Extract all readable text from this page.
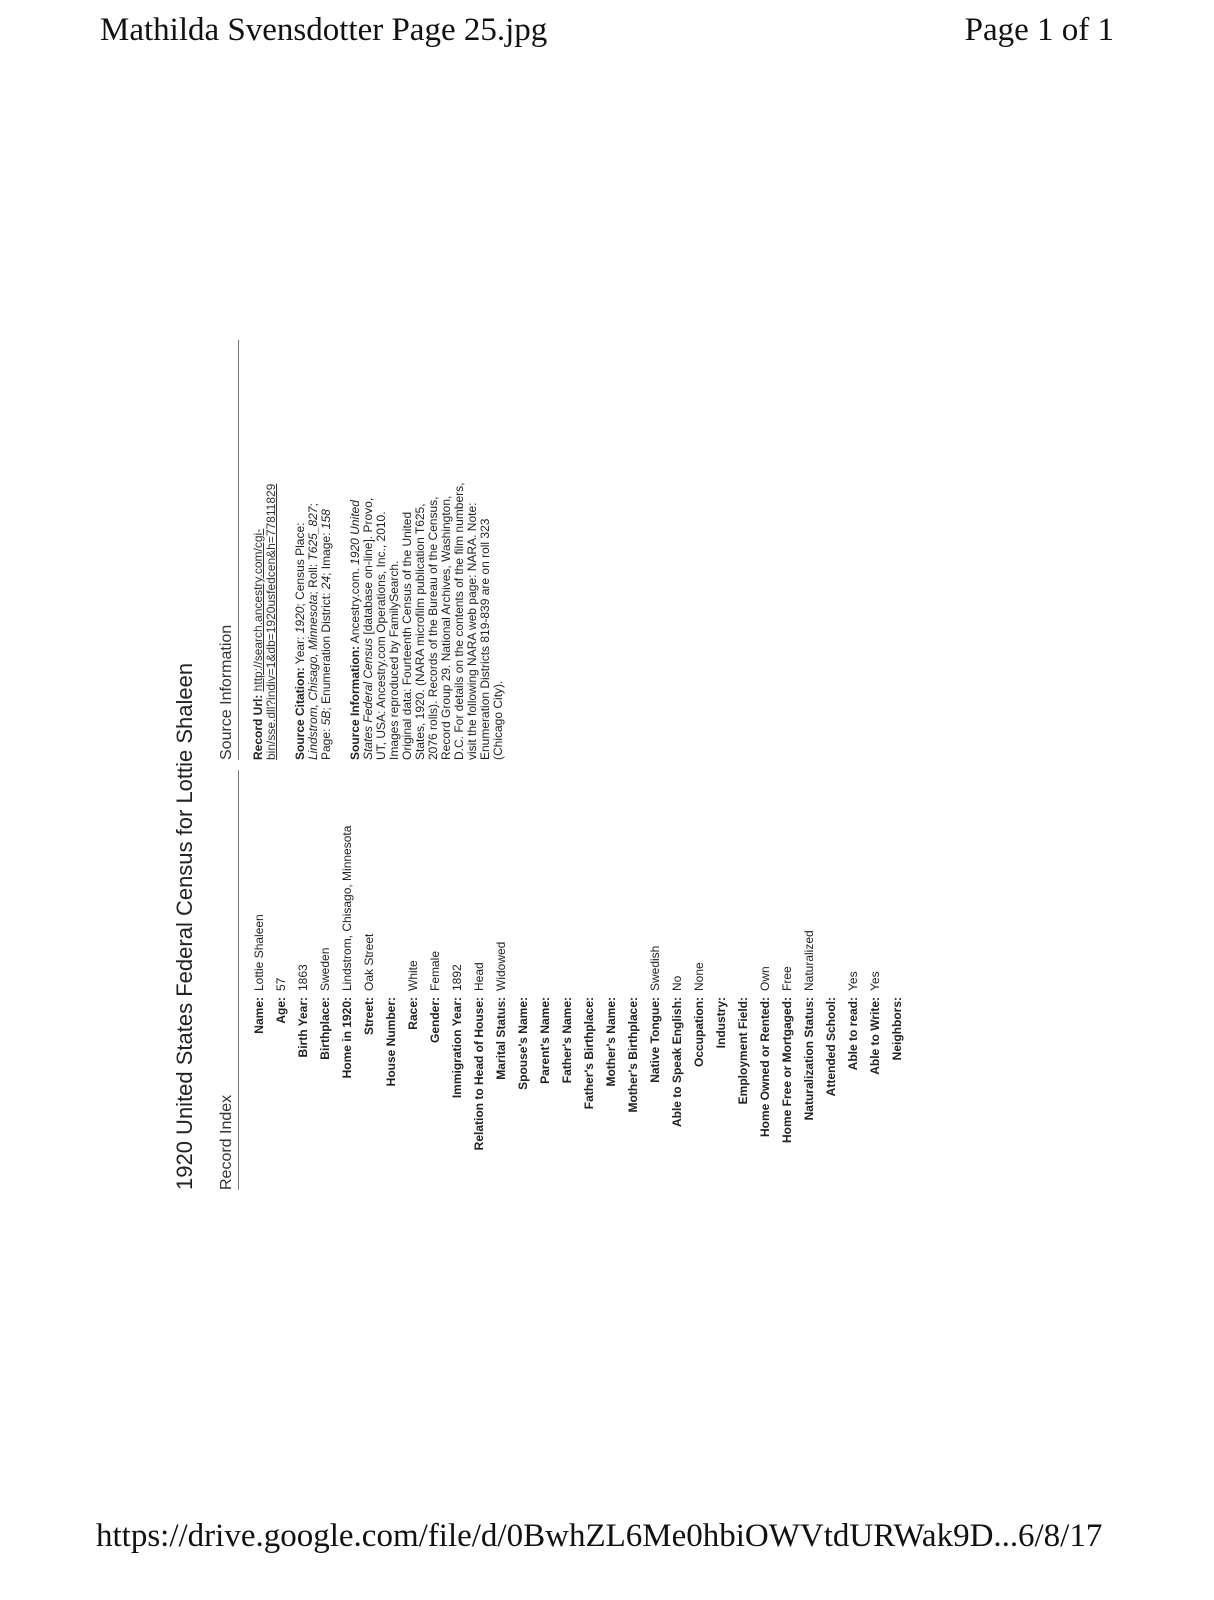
Mathilda Svensdotter Page 25.jpg	Page 1 of 1
1920 United States Federal Census for Lottie Shaleen Record Index
Source Information
Name:
Lottie Shaleen
Age:
57
Birth Year:
1863
Birthplace:
Sweden
Home in 1920:
Lindstrom, Chisago, Minnesota
Street:
Oak Street
House Number: Race:
White
Gender:
Female
Immigration Year:
1892
Relation to Head of House:
Head
Marital Status:
Widowed
Spouse's Name: Parent's Name: Father's Name: Father's Birthplace: Mother's Name: Mother's Birthplace: Native Tongue:
Swedish
Able to Speak English:
No
Occupation:
None
Industry: Employment Field: Home Owned or Rented:
Own
Home Free or Mortgaged:
Free
Naturalization Status:
Naturalized
Attended School: Able to read:
Yes
Able to Write:
Yes
Neighbors:

Record Url: http://search.ancestry.com/cgi-bin/sse.dll?indiv=1&db=1920usfedcen&h=77811829 Source Citation: Year: 1920; Census Place: Lindstrom, Chisago, Minnesota; Roll: T625_827; Page: 5B; Enumeration District: 24; Image: 158

Source Information: Ancestry.com. 1920 United States Federal Census [database on-line]. Provo, UT, USA: Ancestry.com Operations, Inc., 2010. Images reproduced by FamilySearch.
Original data: Fourteenth Census of the United States, 1920. (NARA microfilm publication T625, 2076 rolls). Records of the Bureau of the Census, Record Group 29. National Archives, Washington, D.C. For details on the contents of the film numbers, visit the following NARA web page: NARA. Note: Enumeration Districts 819-839 are on roll 323 (Chicago City).

https://drive.google.com/file/d/0BwhZL6Me0hbiOWVtdURWak9D... 6/8/17
